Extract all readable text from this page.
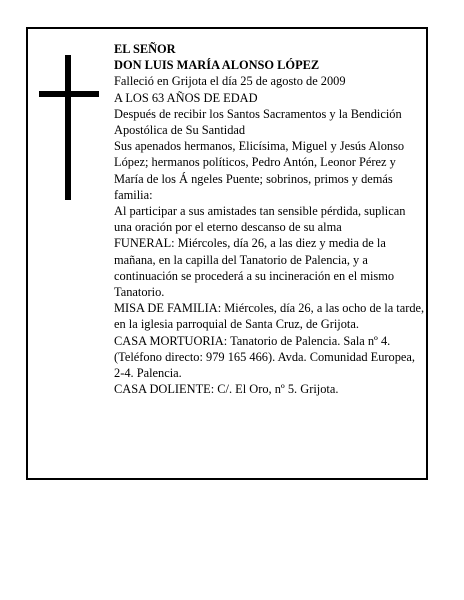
EL SEÑOR

DON LUIS MARÍA ALONSO LÓPEZ

Falleció en Grijota el día 25 de agosto de 2009

A LOS 63 AÑOS DE EDAD

Después de recibir los Santos Sacramentos y la Bendición Apostólica de Su Santidad

Sus apenados hermanos, Elicísima, Miguel y Jesús Alonso López; hermanos políticos, Pedro Antón, Leonor Pérez y María de los Á ngeles Puente; sobrinos, primos y demás familia:

Al participar a sus amistades tan sensible pérdida, suplican una oración por el eterno descanso de su alma

FUNERAL: Miércoles, día 26, a las diez y media de la mañana, en la capilla del Tanatorio de Palencia, y a continuación se procederá a su incineración en el mismo Tanatorio.

MISA DE FAMILIA: Miércoles, día 26, a las ocho de la tarde, en la iglesia parroquial de Santa Cruz, de Grijota.

CASA MORTUORIA: Tanatorio de Palencia. Sala nº 4. (Teléfono directo: 979 165 466). Avda. Comunidad Europea, 2-4. Palencia.

CASA DOLIENTE: C/. El Oro, nº 5. Grijota.
